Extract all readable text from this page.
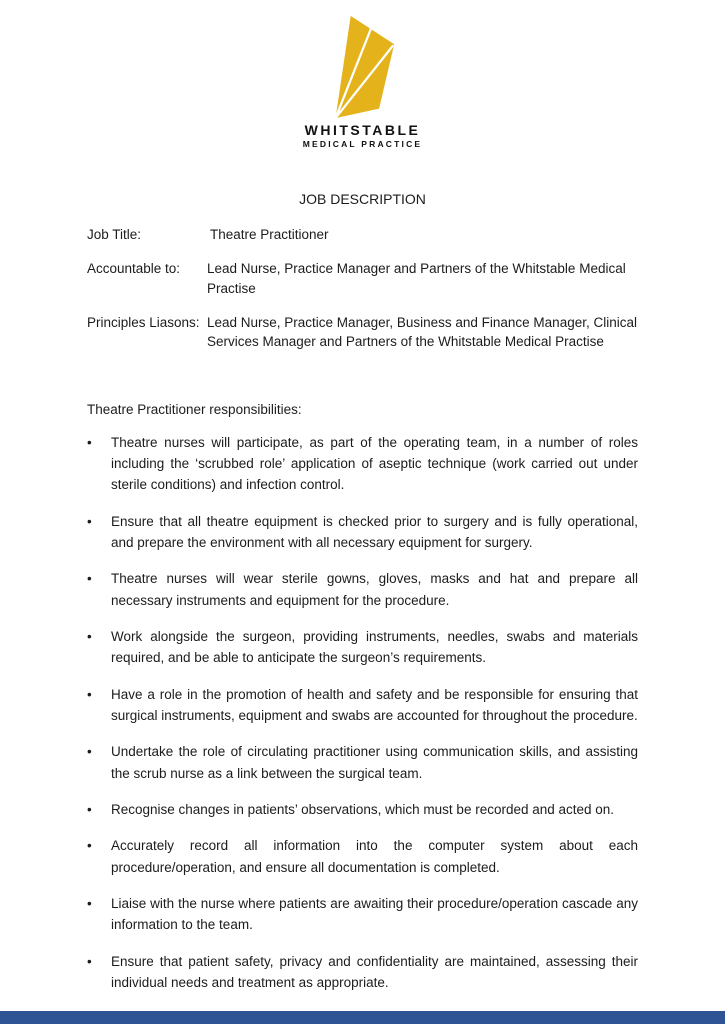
WHITSTABLE
MEDICAL PRACTICE
JOB DESCRIPTION
Job Title:	Theatre Practitioner
Accountable to:	Lead Nurse, Practice Manager and Partners of the Whitstable Medical Practise
Principles Liasons: Lead Nurse, Practice Manager, Business and Finance Manager, Clinical Services Manager and Partners of the Whitstable Medical Practise

Theatre Practitioner responsibilities:

•	Theatre nurses will participate, as part of the operating team, in a number of roles including the ‘scrubbed role’ application of aseptic technique (work carried out under sterile conditions) and infection control.
•	Ensure that all theatre equipment is checked prior to surgery and is fully operational, and prepare the environment with all necessary equipment for surgery.
•	Theatre nurses will wear sterile gowns, gloves, masks and hat and prepare all necessary instruments and equipment for the procedure.
•	Work alongside the surgeon, providing instruments, needles, swabs and materials required, and be able to anticipate the surgeon’s requirements.
•	Have a role in the promotion of health and safety and be responsible for ensuring that surgical instruments, equipment and swabs are accounted for throughout the procedure.
•	Undertake the role of circulating practitioner using communication skills, and assisting the scrub nurse as a link between the surgical team.
•	Recognise changes in patients’ observations, which must be recorded and acted on.
•	Accurately record all information into the computer system about each procedure/operation, and ensure all documentation is completed.
•	Liaise with the nurse where patients are awaiting their procedure/operation cascade any information to the team.
•	Ensure that patient safety, privacy and confidentiality are maintained, assessing their individual needs and treatment as appropriate.
